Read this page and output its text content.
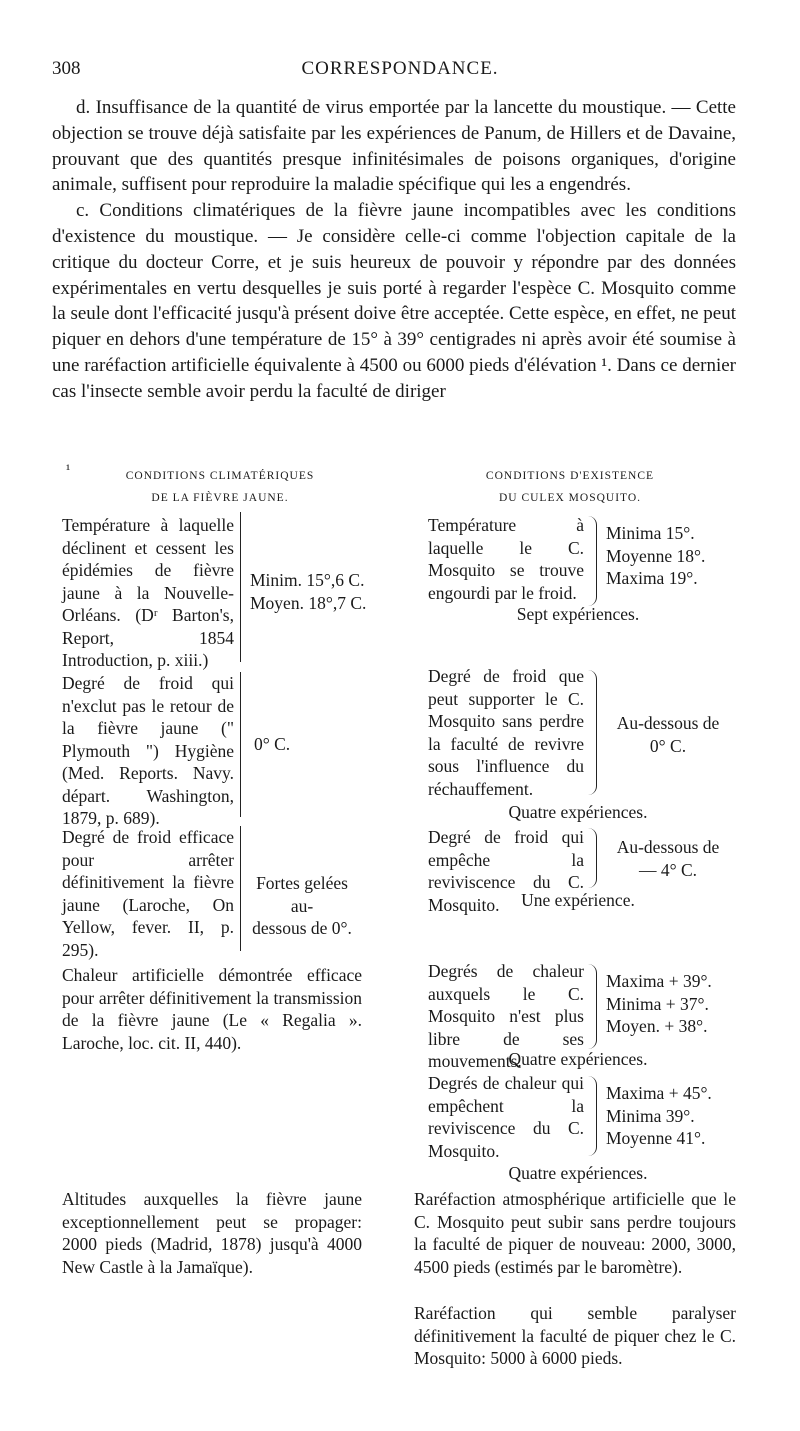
308	CORRESPONDANCE.

d. Insuffisance de la quantité de virus emportée par la lancette du moustique. — Cette objection se trouve déjà satisfaite par les expériences de Panum, de Hillers et de Davaine, prouvant que des quantités presque infinitésimales de poisons organiques, d'origine animale, suffisent pour reproduire la maladie spécifique qui les a engendrés.

c. Conditions climatériques de la fièvre jaune incompatibles avec les conditions d'existence du moustique. — Je considère celle-ci comme l'objection capitale de la critique du docteur Corre, et je suis heureux de pouvoir y répondre par des données expérimentales en vertu desquelles je suis porté à regarder l'espèce C. Mosquito comme la seule dont l'efficacité jusqu'à présent doive être acceptée. Cette espèce, en effet, ne peut piquer en dehors d'une température de 15° à 39° centigrades ni après avoir été soumise à une raréfaction artificielle équivalente à 4500 ou 6000 pieds d'élévation ¹. Dans ce dernier cas l'insecte semble avoir perdu la faculté de diriger

¹	CONDITIONS CLIMATÉRIQUES
DE LA FIÈVRE JAUNE.
CONDITIONS D'EXISTENCE
DU CULEX MOSQUITO.
Température à laquelle déclinent et cessent les épidémies de fièvre jaune à la Nouvelle-Orléans. (Dʳ Barton's, Report, 1854 Introduction, p. xiii.)
Minim. 15°,6 C.
Moyen. 18°,7 C.
Degré de froid qui n'exclut pas le retour de la fièvre jaune (" Plymouth ") Hygiène (Med. Reports. Navy. départ. Washington, 1879, p. 689).
0° C.
Degré de froid efficace pour arrêter définitivement la fièvre jaune (Laroche, On Yellow, fever. II, p. 295).
Fortes gelées au-
dessous de 0°.
Chaleur artificielle démontrée efficace pour arrêter définitivement la transmission de la fièvre jaune (Le « Regalia ». Laroche, loc. cit. II, 440).
Altitudes auxquelles la fièvre jaune exceptionnellement peut se propager: 2000 pieds (Madrid, 1878) jusqu'à 4000 New Castle à la Jamaïque).
Température à laquelle le C. Mosquito se trouve engourdi par le froid.
Minima 15°.
Moyenne 18°.
Maxima 19°.
Sept expériences.
Degré de froid que peut supporter le C. Mosquito sans perdre la faculté de revivre sous l'influence du réchauffement.
Au-dessous de
0° C.
Quatre expériences.
Degré de froid qui empêche la reviviscence du C. Mosquito.
Au-dessous de
— 4° C.
Une expérience.
Degrés de chaleur auxquels le C. Mosquito n'est plus libre de ses mouvements.
Maxima + 39°.
Minima + 37°.
Moyen. + 38°.
Quatre expériences.
Degrés de chaleur qui empêchent la reviviscence du C. Mosquito.
Maxima + 45°.
Minima 39°.
Moyenne 41°.
Quatre expériences.
Raréfaction atmosphérique artificielle que le C. Mosquito peut subir sans perdre toujours la faculté de piquer de nouveau: 2000, 3000, 4500 pieds (estimés par le baromètre).
Raréfaction qui semble paralyser définitivement la faculté de piquer chez le C. Mosquito: 5000 à 6000 pieds.
